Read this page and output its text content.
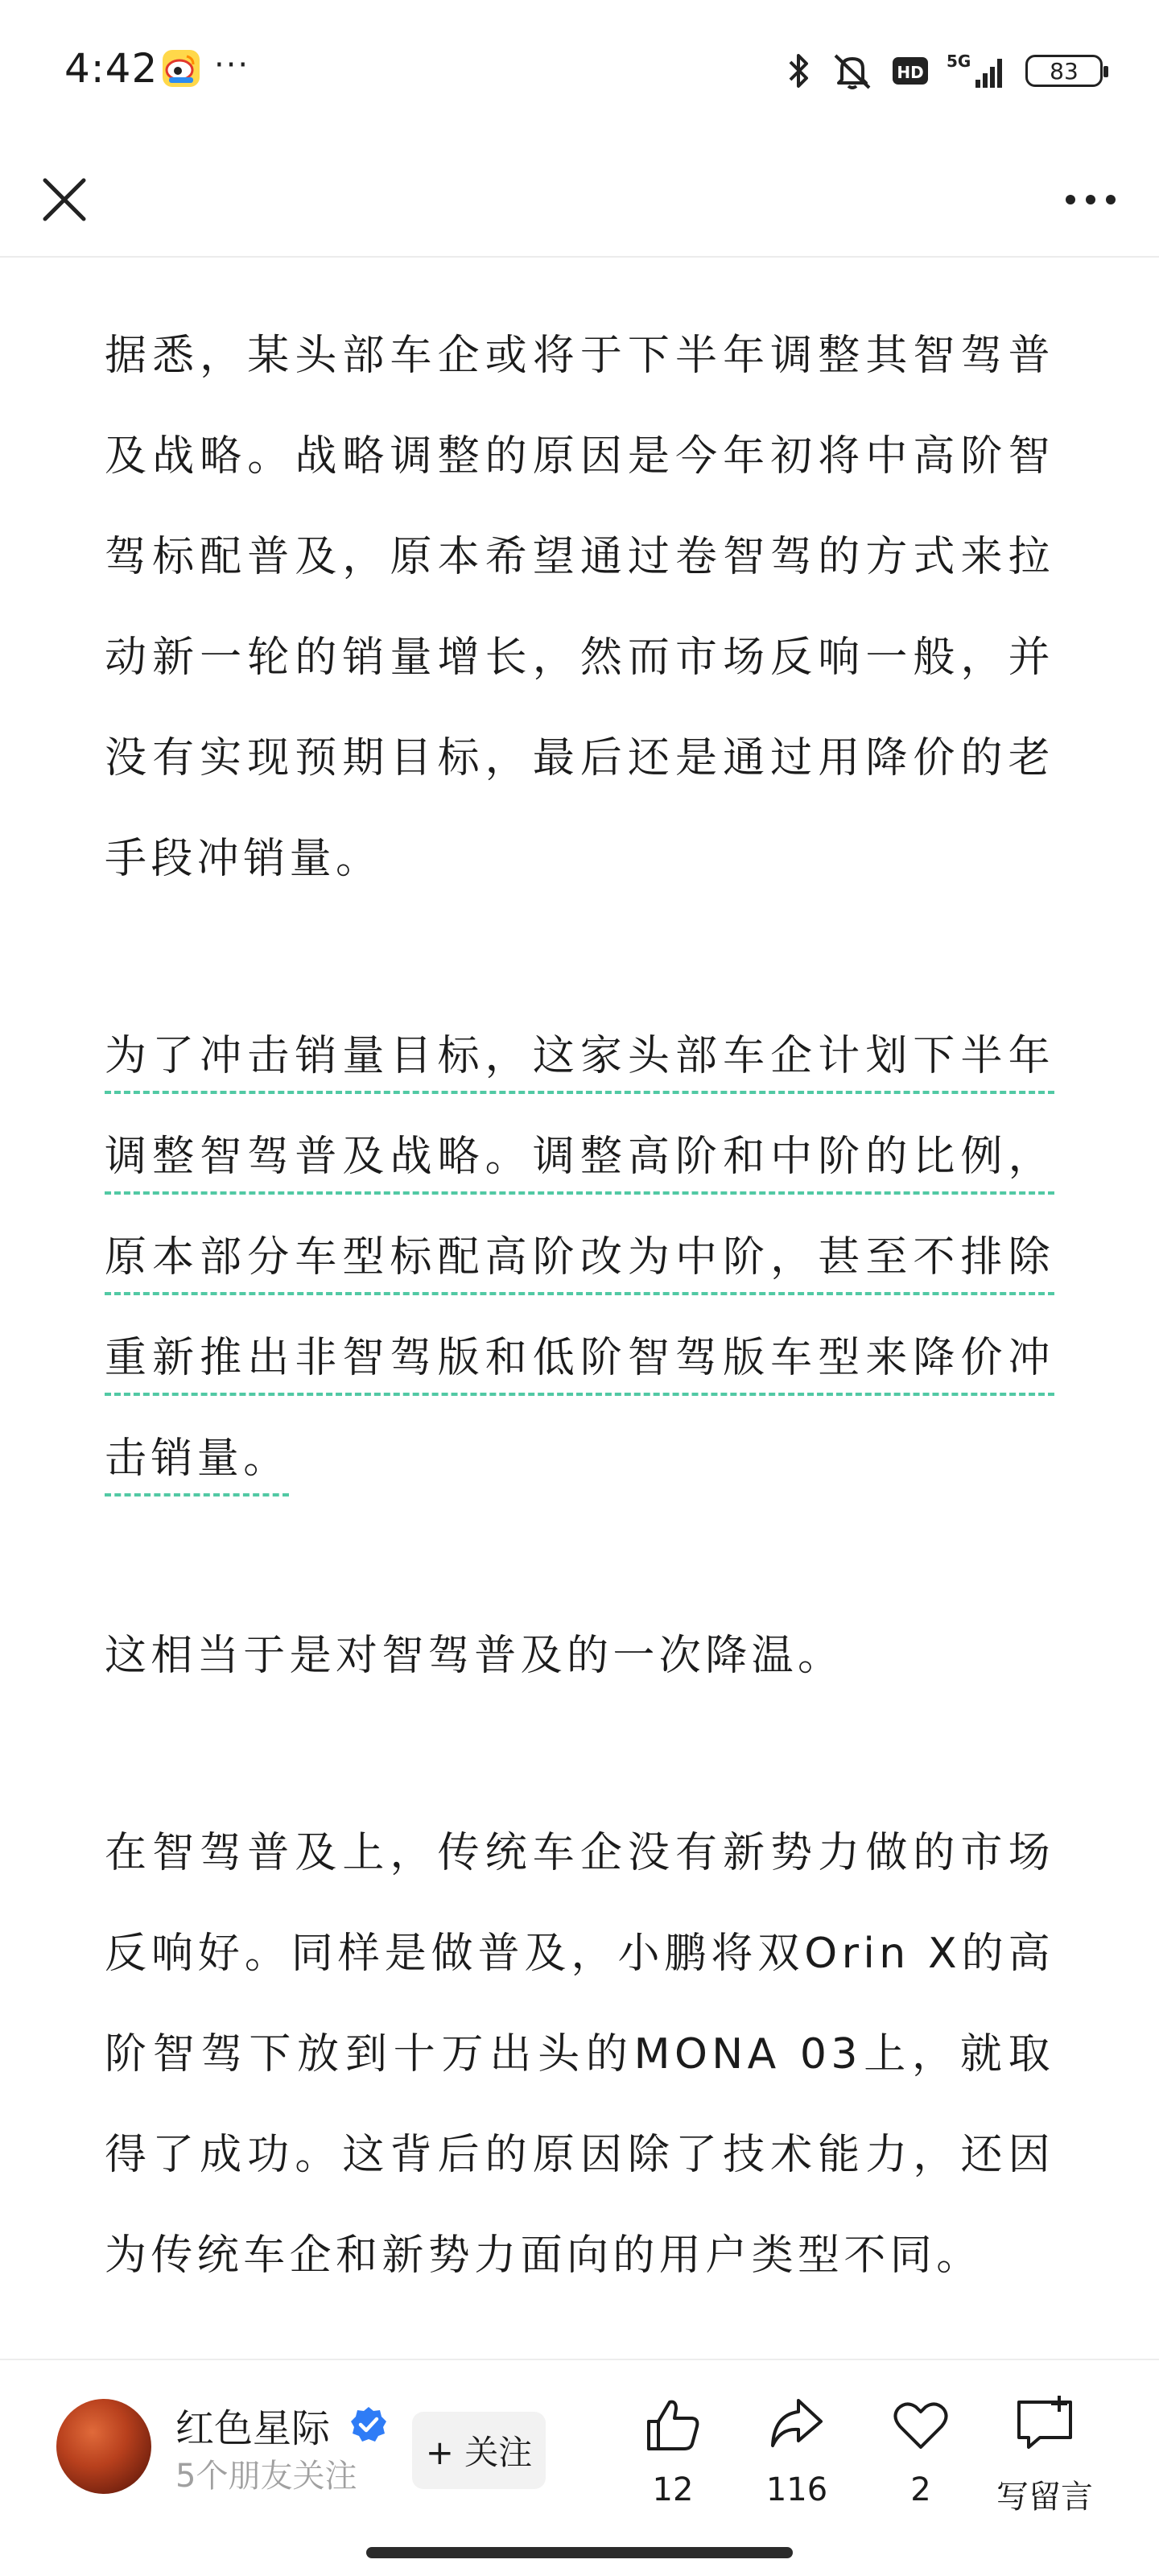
4:42 ···	HD
5G	83

据悉，某头部车企或将于下半年调整其智驾普及战略。战略调整的原因是今年初将中高阶智驾标配普及，原本希望通过卷智驾的方式来拉动新一轮的销量增长，然而市场反响一般，并没有实现预期目标，最后还是通过用降价的老手段冲销量。

为了冲击销量目标，这家头部车企计划下半年调整智驾普及战略。调整高阶和中阶的比例，原本部分车型标配高阶改为中阶，甚至不排除重新推出非智驾版和低阶智驾版车型来降价冲击销量。

这相当于是对智驾普及的一次降温。

在智驾普及上，传统车企没有新势力做的市场反响好。同样是做普及，小鹏将双Orin X的高阶智驾下放到十万出头的MONA 03上，就取得了成功。这背后的原因除了技术能力，还因为传统车企和新势力面向的用户类型不同。

红色星际
5个朋友关注
+ 关注
12	116	2	写留言
